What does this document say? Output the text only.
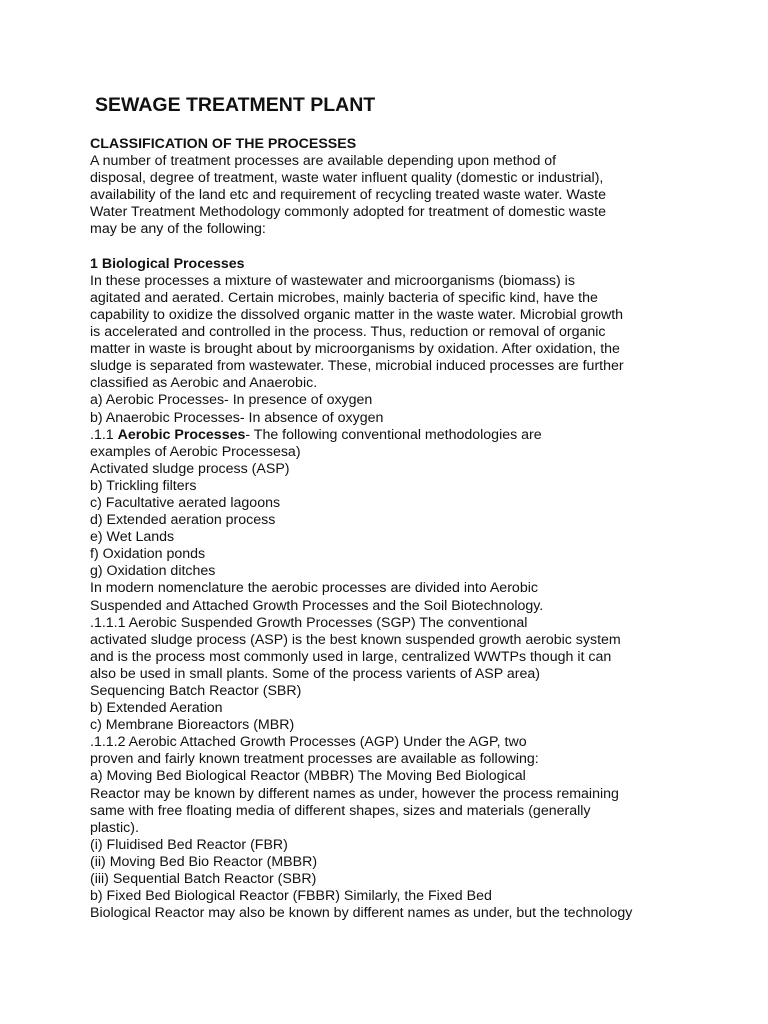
SEWAGE TREATMENT PLANT
CLASSIFICATION OF THE PROCESSES
A number of treatment processes are available depending upon method of
disposal, degree of treatment, waste water influent quality (domestic or industrial),
availability of the land etc and requirement of recycling treated waste water. Waste
Water Treatment Methodology commonly adopted for treatment of domestic waste
may be any of the following:
1 Biological Processes
In these processes a mixture of wastewater and microorganisms (biomass) is
agitated and aerated. Certain microbes, mainly bacteria of specific kind, have the
capability to oxidize the dissolved organic matter in the waste water. Microbial growth
is accelerated and controlled in the process. Thus, reduction or removal of organic
matter in waste is brought about by microorganisms by oxidation. After oxidation, the
sludge is separated from wastewater. These, microbial induced processes are further
classified as Aerobic and Anaerobic.
a) Aerobic Processes- In presence of oxygen
b) Anaerobic Processes- In absence of oxygen
.1.1 Aerobic Processes- The following conventional methodologies are
examples of Aerobic Processesa)
Activated sludge process (ASP)
b) Trickling filters
c) Facultative aerated lagoons
d) Extended aeration process
e) Wet Lands
f) Oxidation ponds
g) Oxidation ditches
In modern nomenclature the aerobic processes are divided into Aerobic
Suspended and Attached Growth Processes and the Soil Biotechnology.
.1.1.1 Aerobic Suspended Growth Processes (SGP) The conventional
activated sludge process (ASP) is the best known suspended growth aerobic system
and is the process most commonly used in large, centralized WWTPs though it can
also be used in small plants. Some of the process varients of ASP area)
Sequencing Batch Reactor (SBR)
b) Extended Aeration
c) Membrane Bioreactors (MBR)
.1.1.2 Aerobic Attached Growth Processes (AGP) Under the AGP, two
proven and fairly known treatment processes are available as following:
a) Moving Bed Biological Reactor (MBBR) The Moving Bed Biological
Reactor may be known by different names as under, however the process remaining
same with free floating media of different shapes, sizes and materials (generally
plastic).
(i) Fluidised Bed Reactor (FBR)
(ii) Moving Bed Bio Reactor (MBBR)
(iii) Sequential Batch Reactor (SBR)
b) Fixed Bed Biological Reactor (FBBR) Similarly, the Fixed Bed
Biological Reactor may also be known by different names as under, but the technology
